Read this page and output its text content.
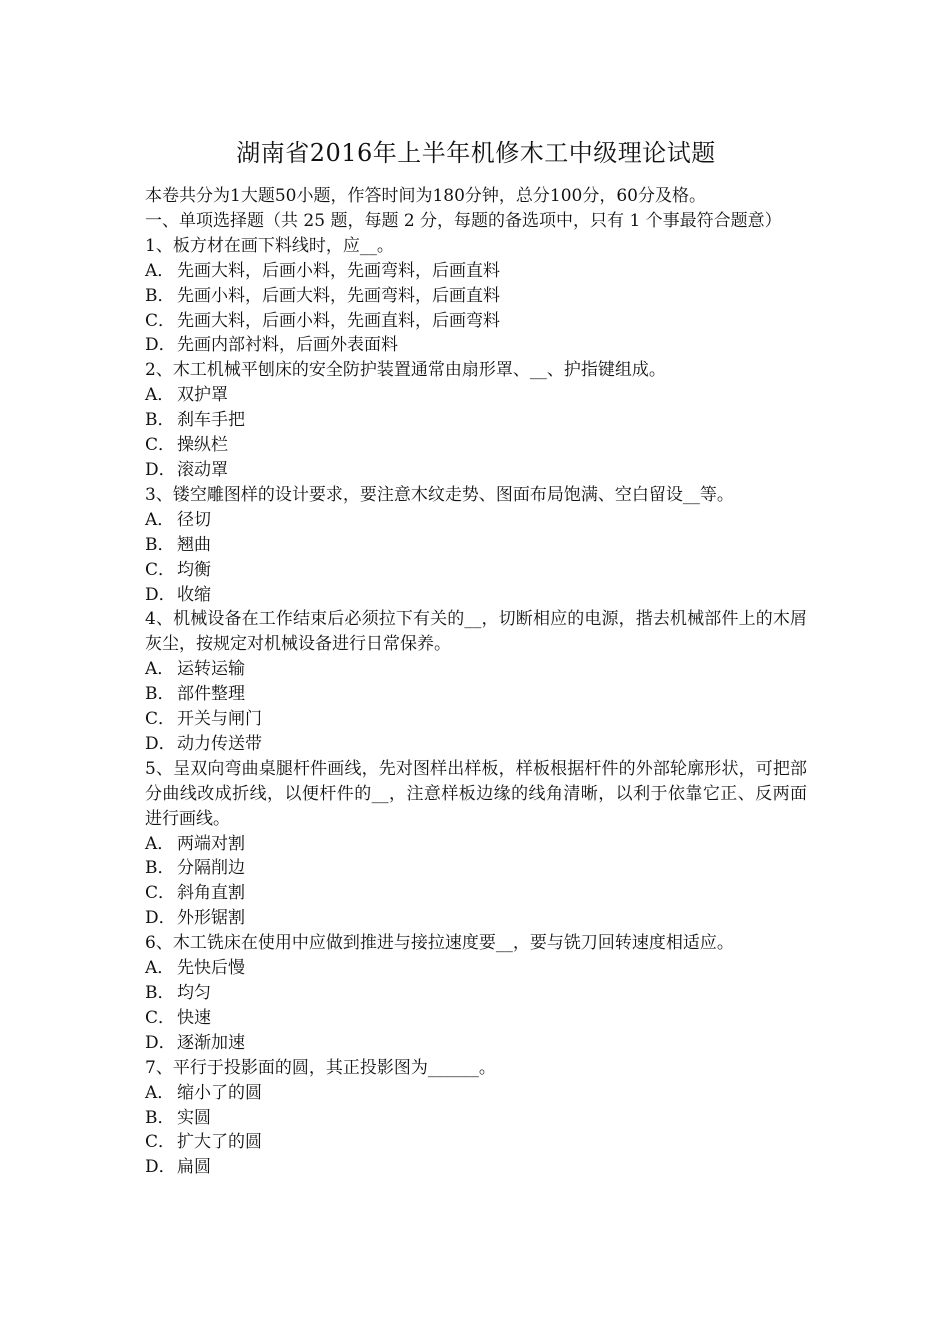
湖南省2016年上半年机修木工中级理论试题
本卷共分为1大题50小题，作答时间为180分钟，总分100分，60分及格。
一、单项选择题（共 25 题，每题 2 分，每题的备选项中，只有 1 个事最符合题意）
1、板方材在画下料线时，应__。
A． 先画大料，后画小料，先画弯料，后画直料
B． 先画小料，后画大料，先画弯料，后画直料
C． 先画大料，后画小料，先画直料，后画弯料
D．先画内部衬料，后画外表面料
2、木工机械平刨床的安全防护装置通常由扇形罩、__、护指键组成。
A． 双护罩
B． 刹车手把
C． 操纵栏
D．滚动罩
3、镂空雕图样的设计要求，要注意木纹走势、图面布局饱满、空白留设__等。
A． 径切
B． 翘曲
C． 均衡
D．收缩
4、机械设备在工作结束后必须拉下有关的__，切断相应的电源，揩去机械部件上的木屑灰尘，按规定对机械设备进行日常保养。
A． 运转运输
B． 部件整理
C． 开关与闸门
D．动力传送带
5、呈双向弯曲桌腿杆件画线，先对图样出样板，样板根据杆件的外部轮廓形状，可把部分曲线改成折线，以便杆件的__，注意样板边缘的线角清晰，以利于依靠它正、反两面进行画线。
A． 两端对割
B． 分隔削边
C． 斜角直割
D．外形锯割
6、木工铣床在使用中应做到推进与接拉速度要__，要与铣刀回转速度相适应。
A． 先快后慢
B． 均匀
C． 快速
D．逐渐加速
7、平行于投影面的圆，其正投影图为______。
A． 缩小了的圆
B． 实圆
C． 扩大了的圆
D．扁圆
